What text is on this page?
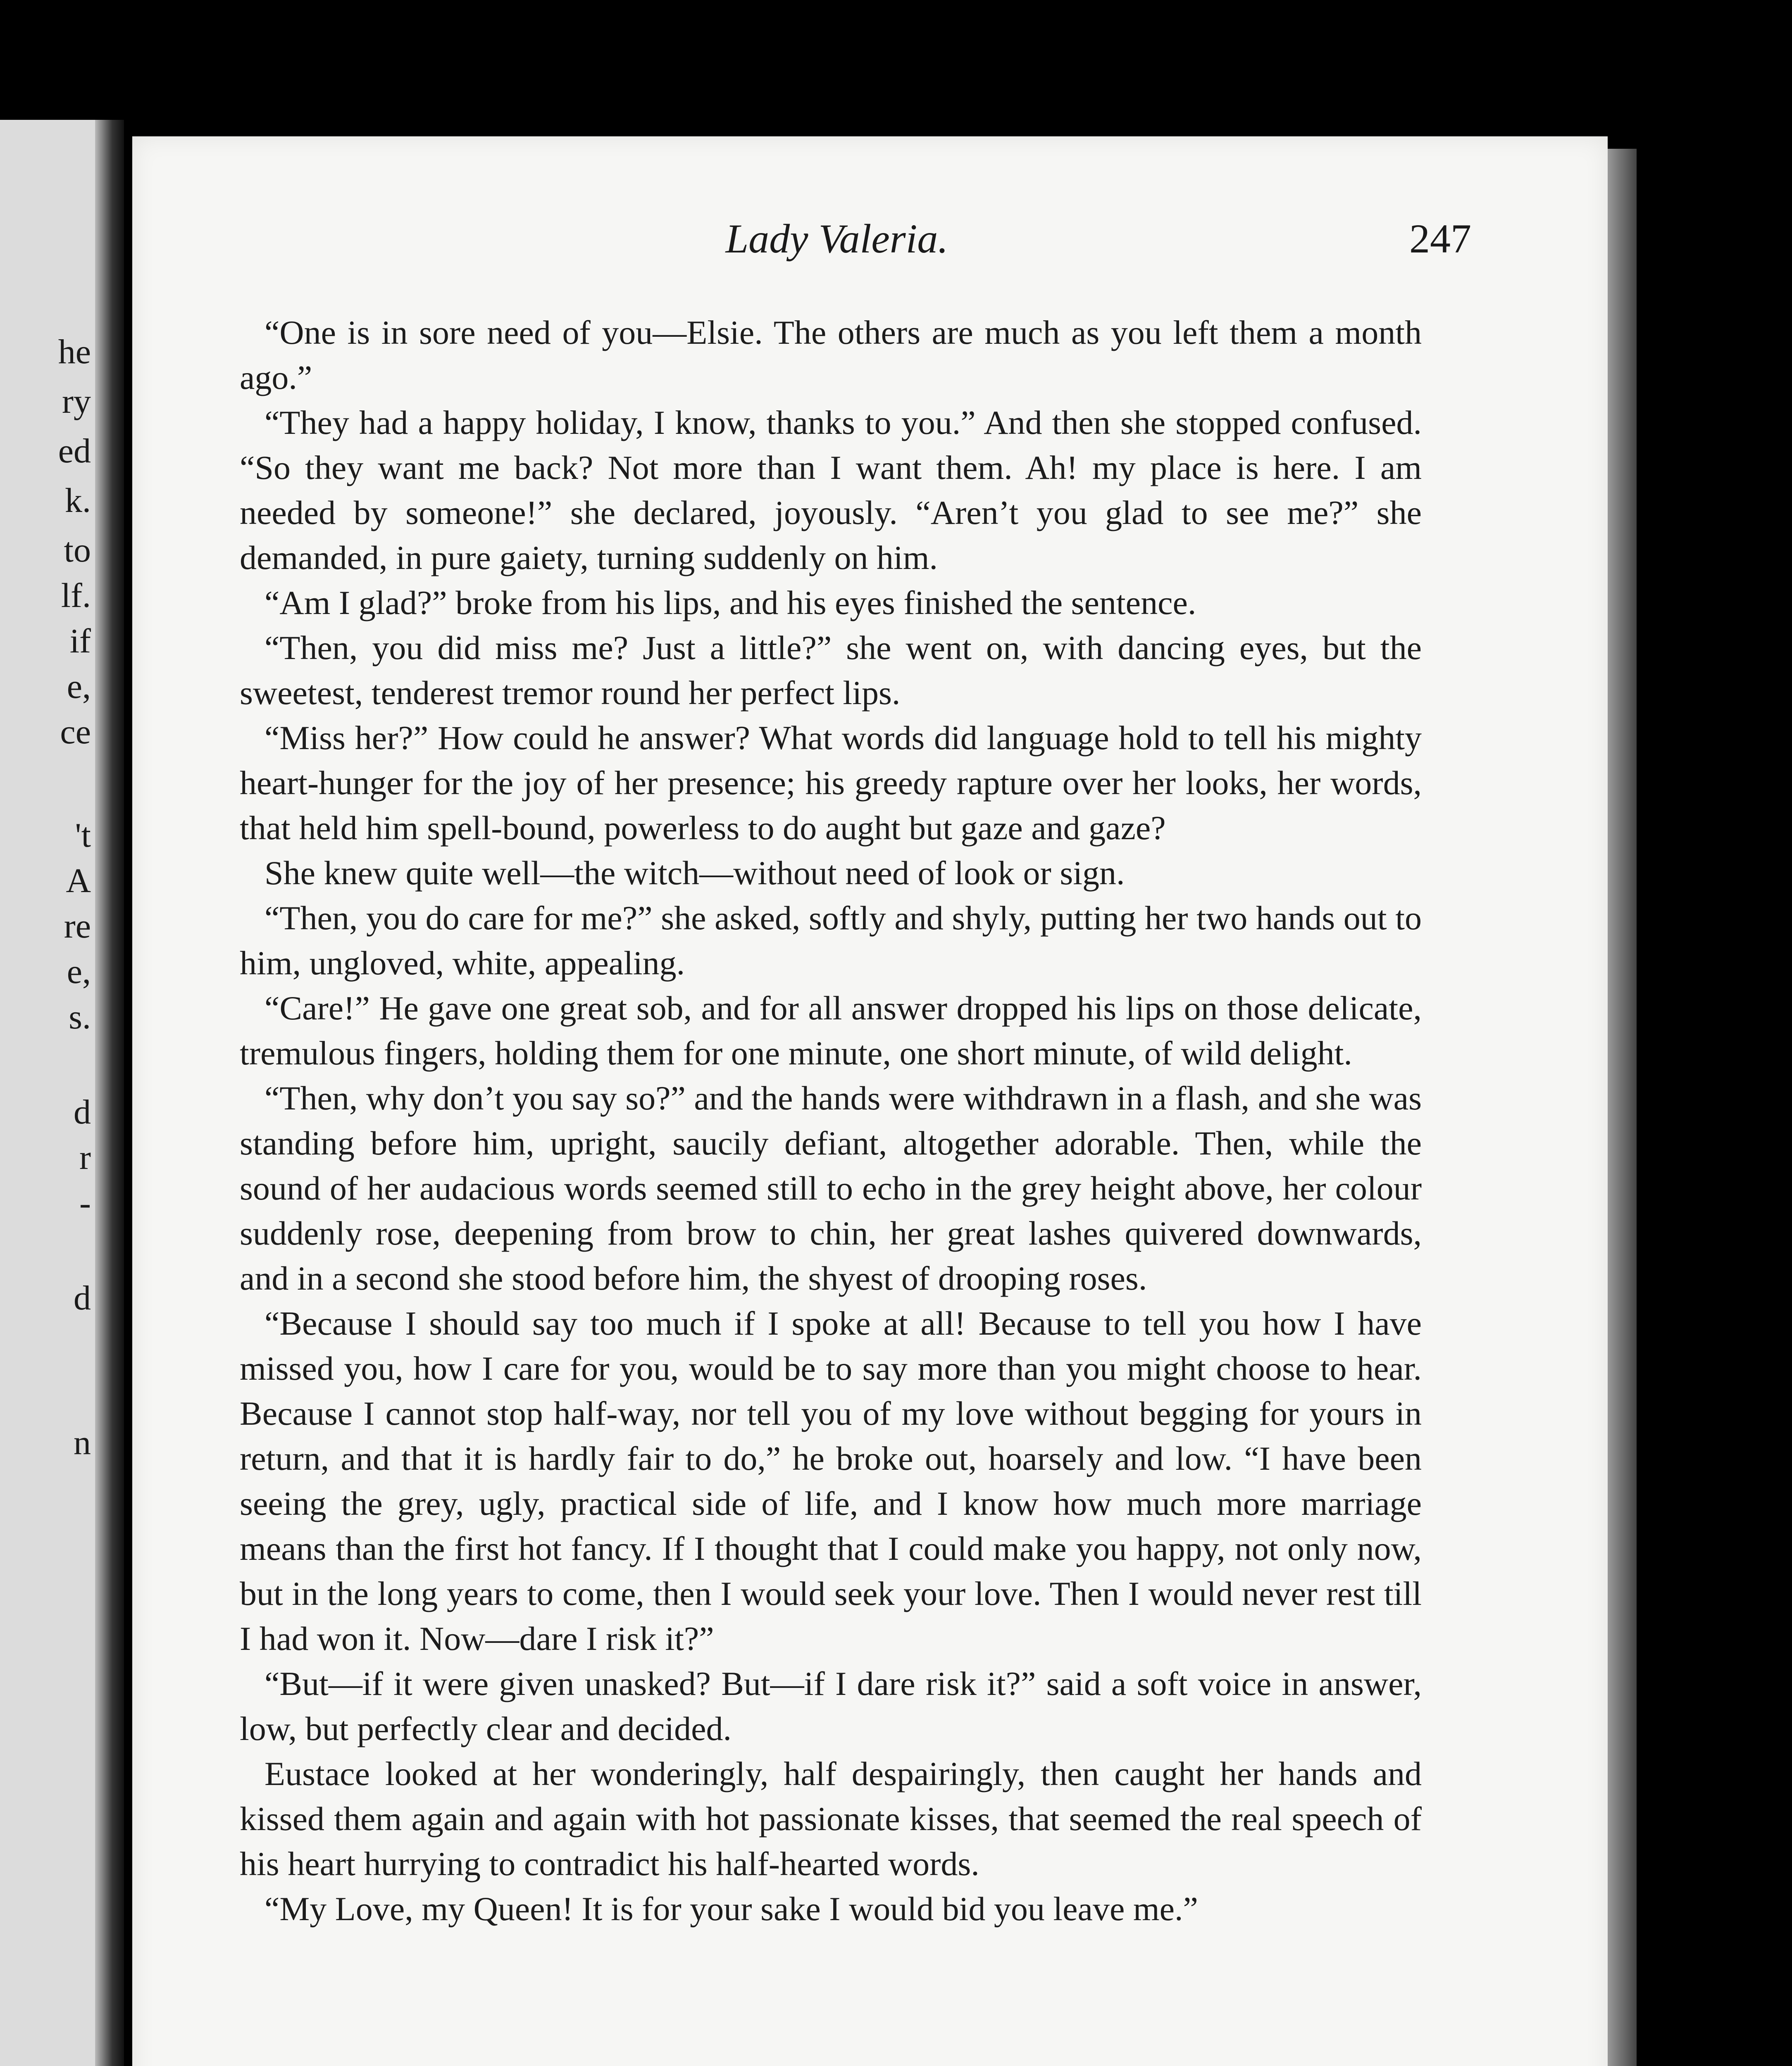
he
ry
ed
k.
to
lf.
if
e,
ce
't
A
re
e,
s.
d
r
-
d
n
Lady Valeria.	247

“One is in sore need of you—Elsie. The others are much as you left them a month ago.”

“They had a happy holiday, I know, thanks to you.” And then she stopped confused. “So they want me back? Not more than I want them. Ah! my place is here. I am needed by someone!” she declared, joyously. “Aren’t you glad to see me?” she demanded, in pure gaiety, turning suddenly on him.

“Am I glad?” broke from his lips, and his eyes finished the sentence.

“Then, you did miss me? Just a little?” she went on, with dancing eyes, but the sweetest, tenderest tremor round her perfect lips.

“Miss her?” How could he answer? What words did language hold to tell his mighty heart-hunger for the joy of her presence; his greedy rapture over her looks, her words, that held him spell-bound, powerless to do aught but gaze and gaze?

She knew quite well—the witch—without need of look or sign.

“Then, you do care for me?” she asked, softly and shyly, putting her two hands out to him, ungloved, white, appealing.

“Care!” He gave one great sob, and for all answer dropped his lips on those delicate, tremulous fingers, holding them for one minute, one short minute, of wild delight.

“Then, why don’t you say so?” and the hands were withdrawn in a flash, and she was standing before him, upright, saucily defiant, altogether adorable. Then, while the sound of her audacious words seemed still to echo in the grey height above, her colour suddenly rose, deepening from brow to chin, her great lashes quivered downwards, and in a second she stood before him, the shyest of drooping roses.

“Because I should say too much if I spoke at all! Because to tell you how I have missed you, how I care for you, would be to say more than you might choose to hear. Because I cannot stop half-way, nor tell you of my love without begging for yours in return, and that it is hardly fair to do,” he broke out, hoarsely and low. “I have been seeing the grey, ugly, practical side of life, and I know how much more marriage means than the first hot fancy. If I thought that I could make you happy, not only now, but in the long years to come, then I would seek your love. Then I would never rest till I had won it. Now—dare I risk it?”

“But—if it were given unasked? But—if I dare risk it?” said a soft voice in answer, low, but perfectly clear and decided.

Eustace looked at her wonderingly, half despairingly, then caught her hands and kissed them again and again with hot passionate kisses, that seemed the real speech of his heart hurrying to contradict his half-hearted words.

“My Love, my Queen! It is for your sake I would bid you leave me.”
